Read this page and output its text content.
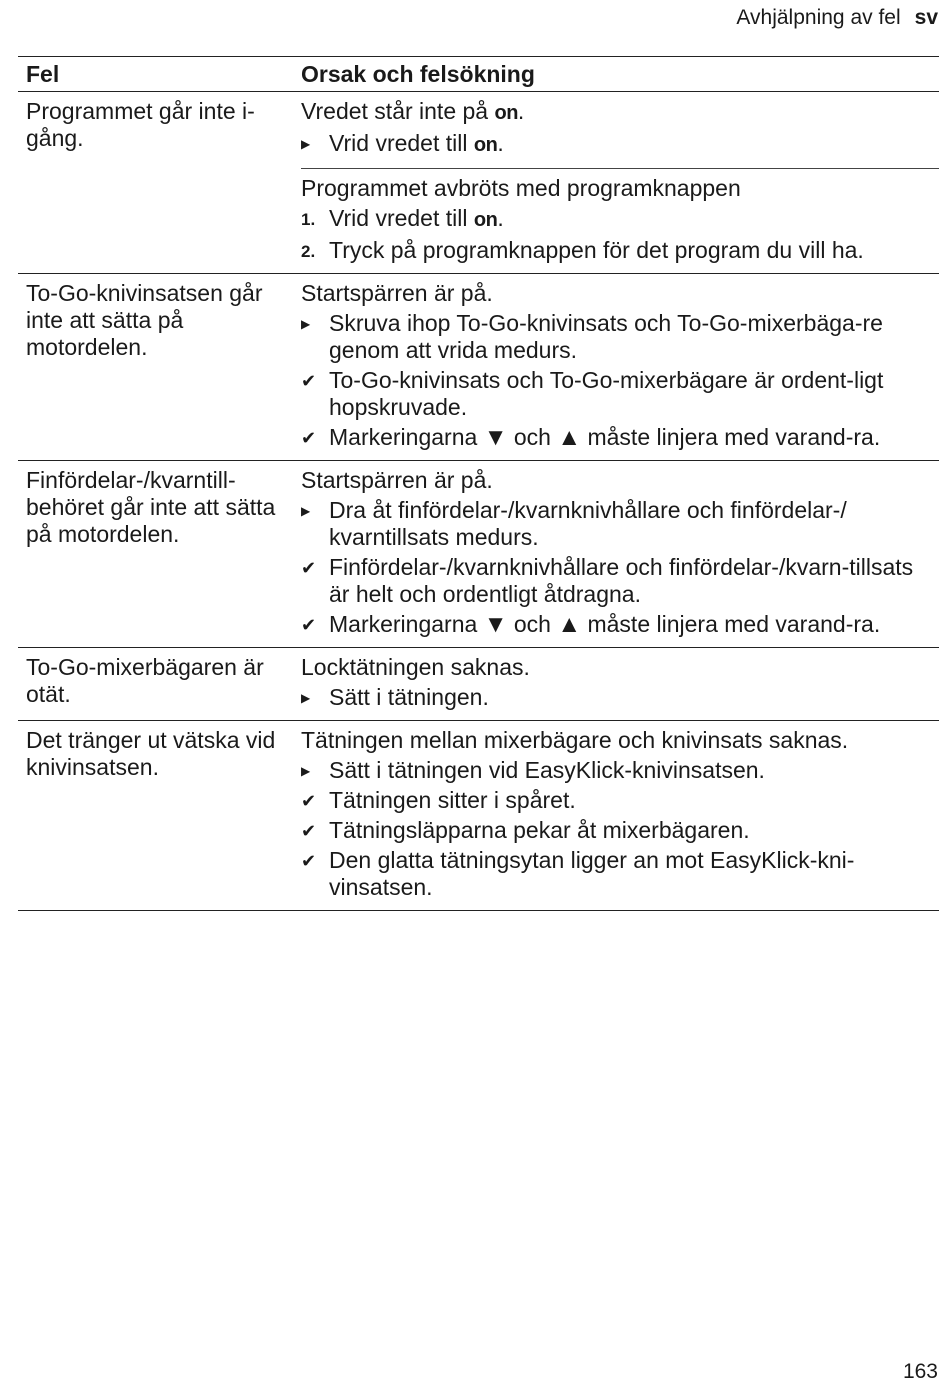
Avhjälpning av fel sv
Fel	Orsak och felsökning
Programmet går inte i-gång.
Vredet står inte på on.
▶ Vrid vredet till on.
Programmet avbröts med programknappen
1. Vrid vredet till on.
2. Tryck på programknappen för det program du vill ha.
To-Go-knivinsatsen går inte att sätta på motordelen.
Startspärren är på.
▶ Skruva ihop To-Go-knivinsats och To-Go-mixerbäga-re genom att vrida medurs.
✔ To-Go-knivinsats och To-Go-mixerbägare är ordent-ligt hopskruvade.
✔ Markeringarna ▼ och ▲ måste linjera med varand-ra.
Finfördelar-/kvarntill-behöret går inte att sätta på motordelen.
Startspärren är på.
▶ Dra åt finfördelar-/kvarnknivhållare och finfördelar-/ kvarntillsats medurs.
✔ Finfördelar-/kvarnknivhållare och finfördelar-/kvarn-tillsats är helt och ordentligt åtdragna.
✔ Markeringarna ▼ och ▲ måste linjera med varand-ra.
To-Go-mixerbägaren är otät.
Locktätningen saknas.
▶ Sätt i tätningen.
Det tränger ut vätska vid knivinsatsen.
Tätningen mellan mixerbägare och knivinsats saknas.
▶ Sätt i tätningen vid EasyKlick-knivinsatsen.
✔ Tätningen sitter i spåret.
✔ Tätningsläpparna pekar åt mixerbägaren.
✔ Den glatta tätningsytan ligger an mot EasyKlick-kni-vinsatsen.
163
